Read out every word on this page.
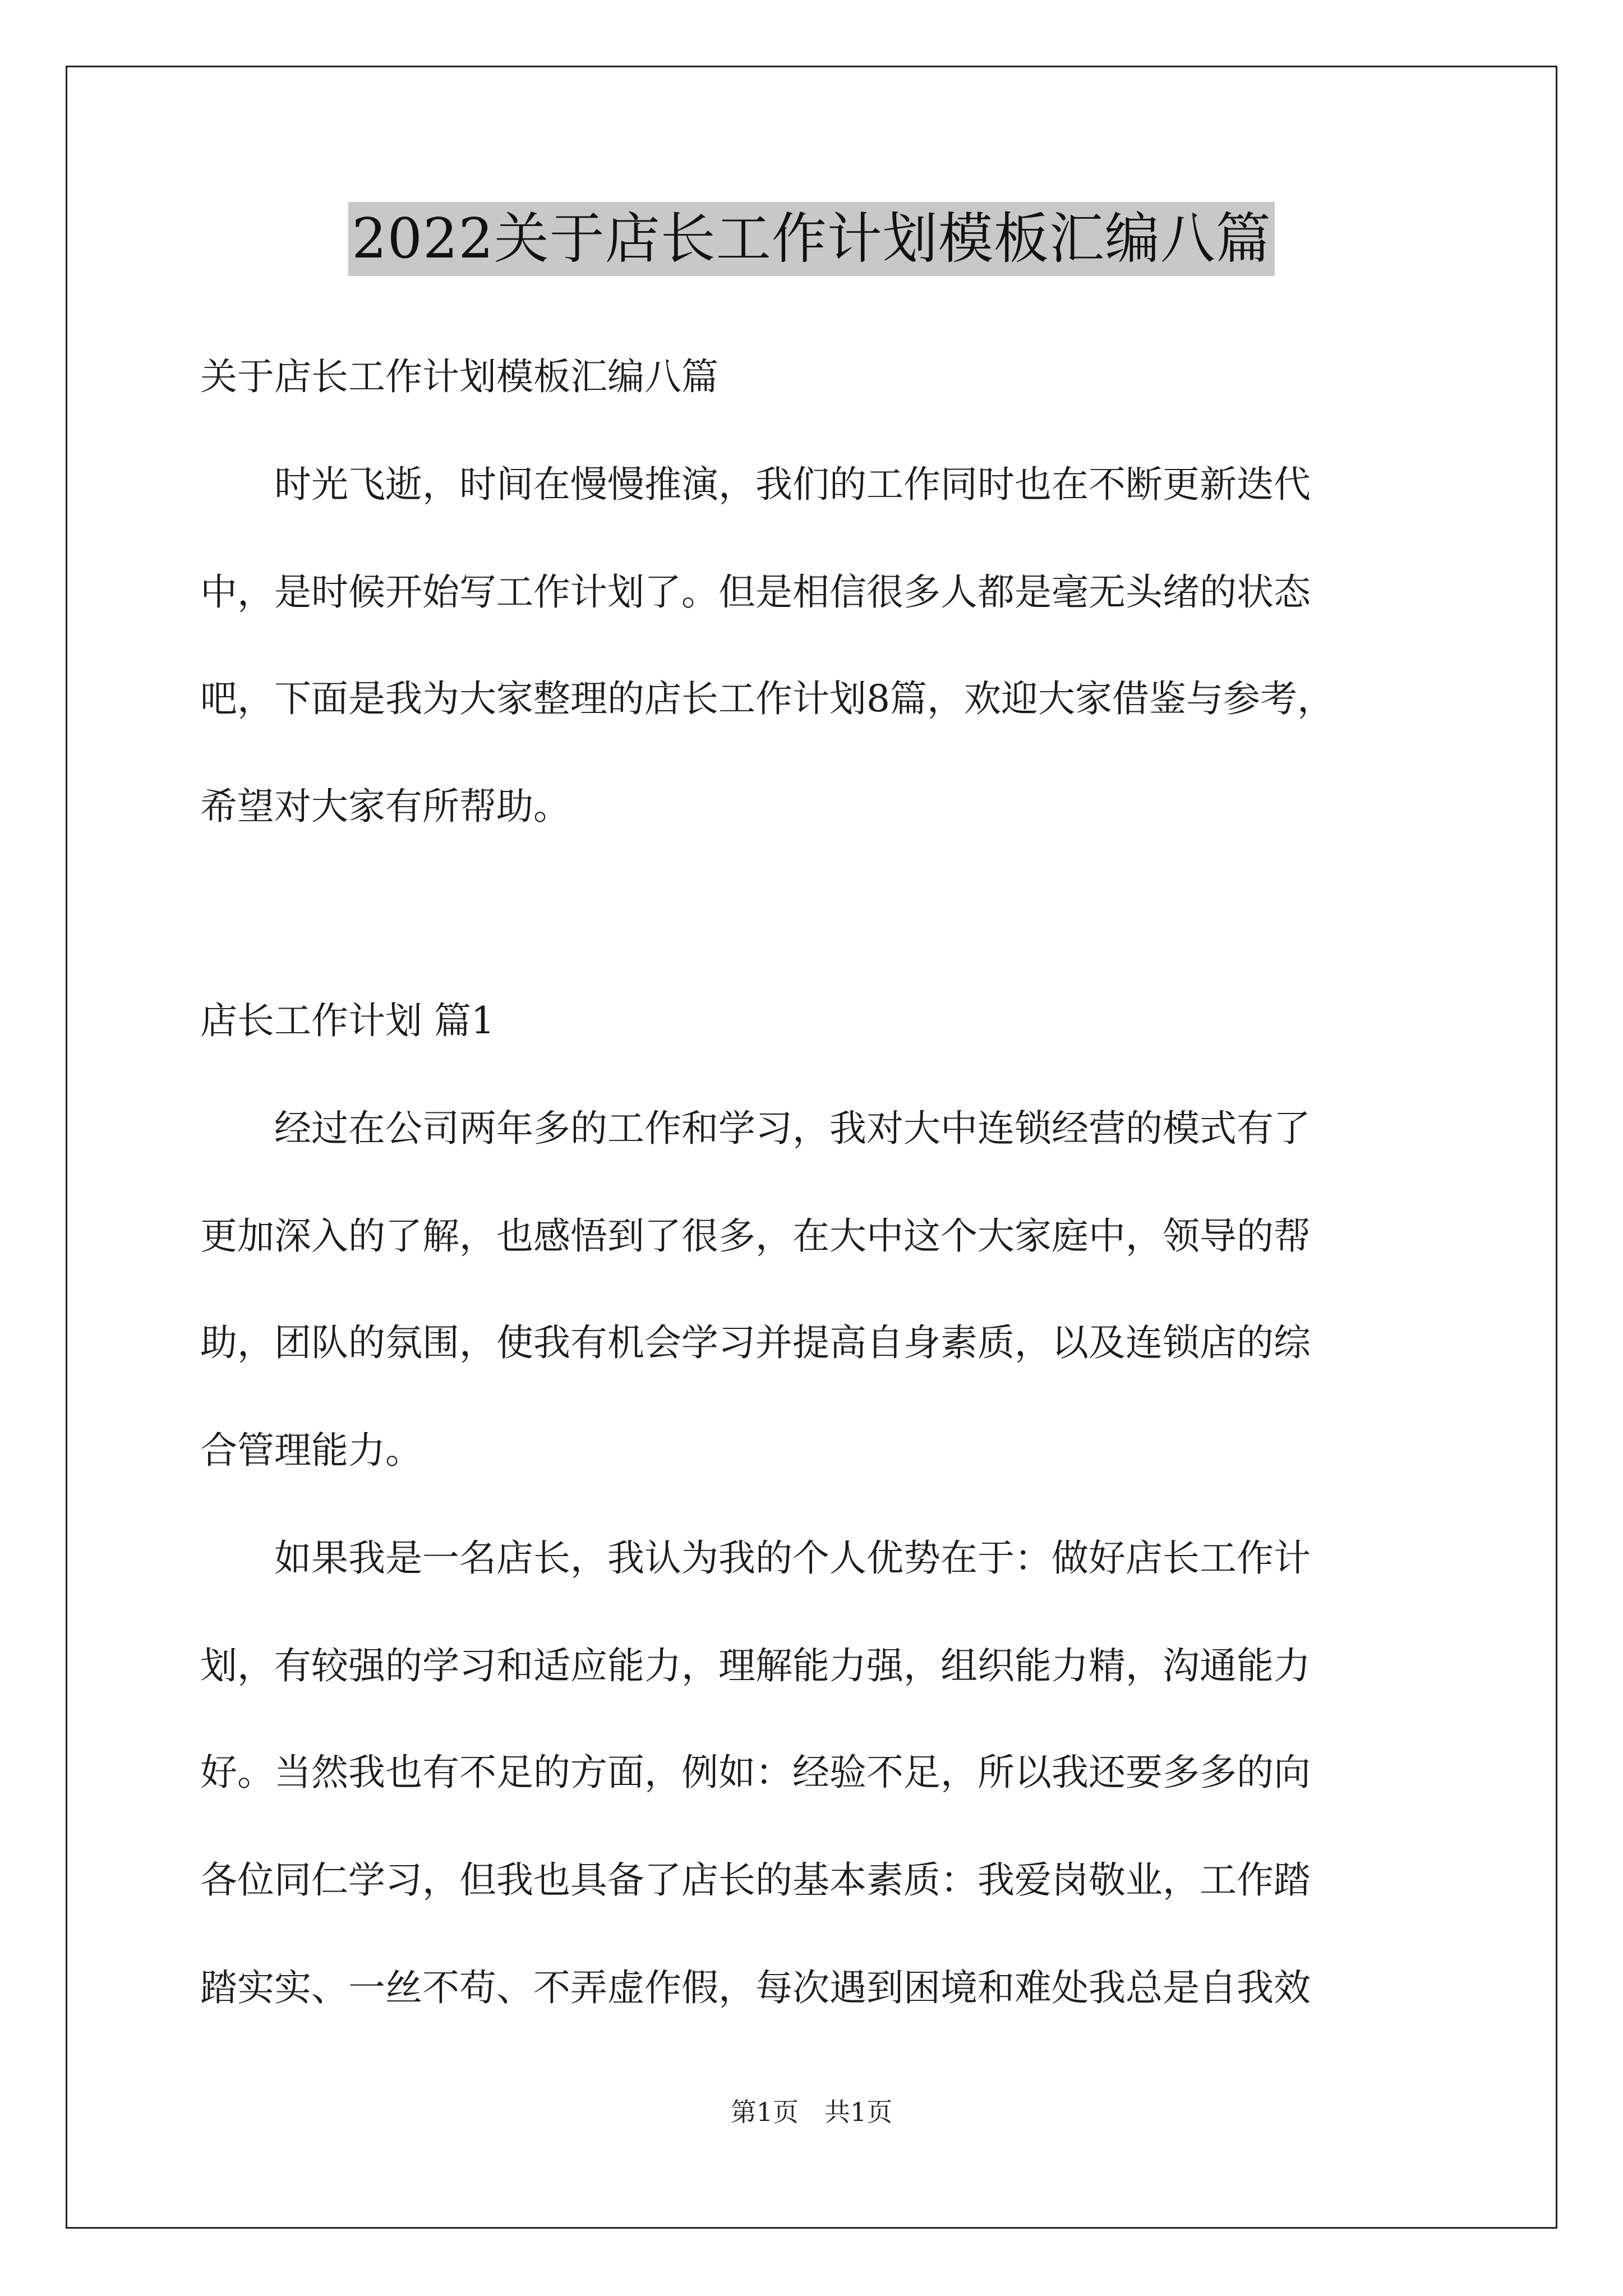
2022关于店长工作计划模板汇编八篇
关于店长工作计划模板汇编八篇
　　时光飞逝，时间在慢慢推演，我们的工作同时也在不断更新迭代
中，是时候开始写工作计划了。但是相信很多人都是毫无头绪的状态
吧，下面是我为大家整理的店长工作计划8篇，欢迎大家借鉴与参考，
希望对大家有所帮助。
店长工作计划 篇1
　　经过在公司两年多的工作和学习，我对大中连锁经营的模式有了
更加深入的了解，也感悟到了很多，在大中这个大家庭中，领导的帮
助，团队的氛围，使我有机会学习并提高自身素质，以及连锁店的综
合管理能力。
　　如果我是一名店长，我认为我的个人优势在于：做好店长工作计
划，有较强的学习和适应能力，理解能力强，组织能力精，沟通能力
好。当然我也有不足的方面，例如：经验不足，所以我还要多多的向
各位同仁学习，但我也具备了店长的基本素质：我爱岗敬业，工作踏
踏实实、一丝不苟、不弄虚作假，每次遇到困境和难处我总是自我效
第1页　共1页
